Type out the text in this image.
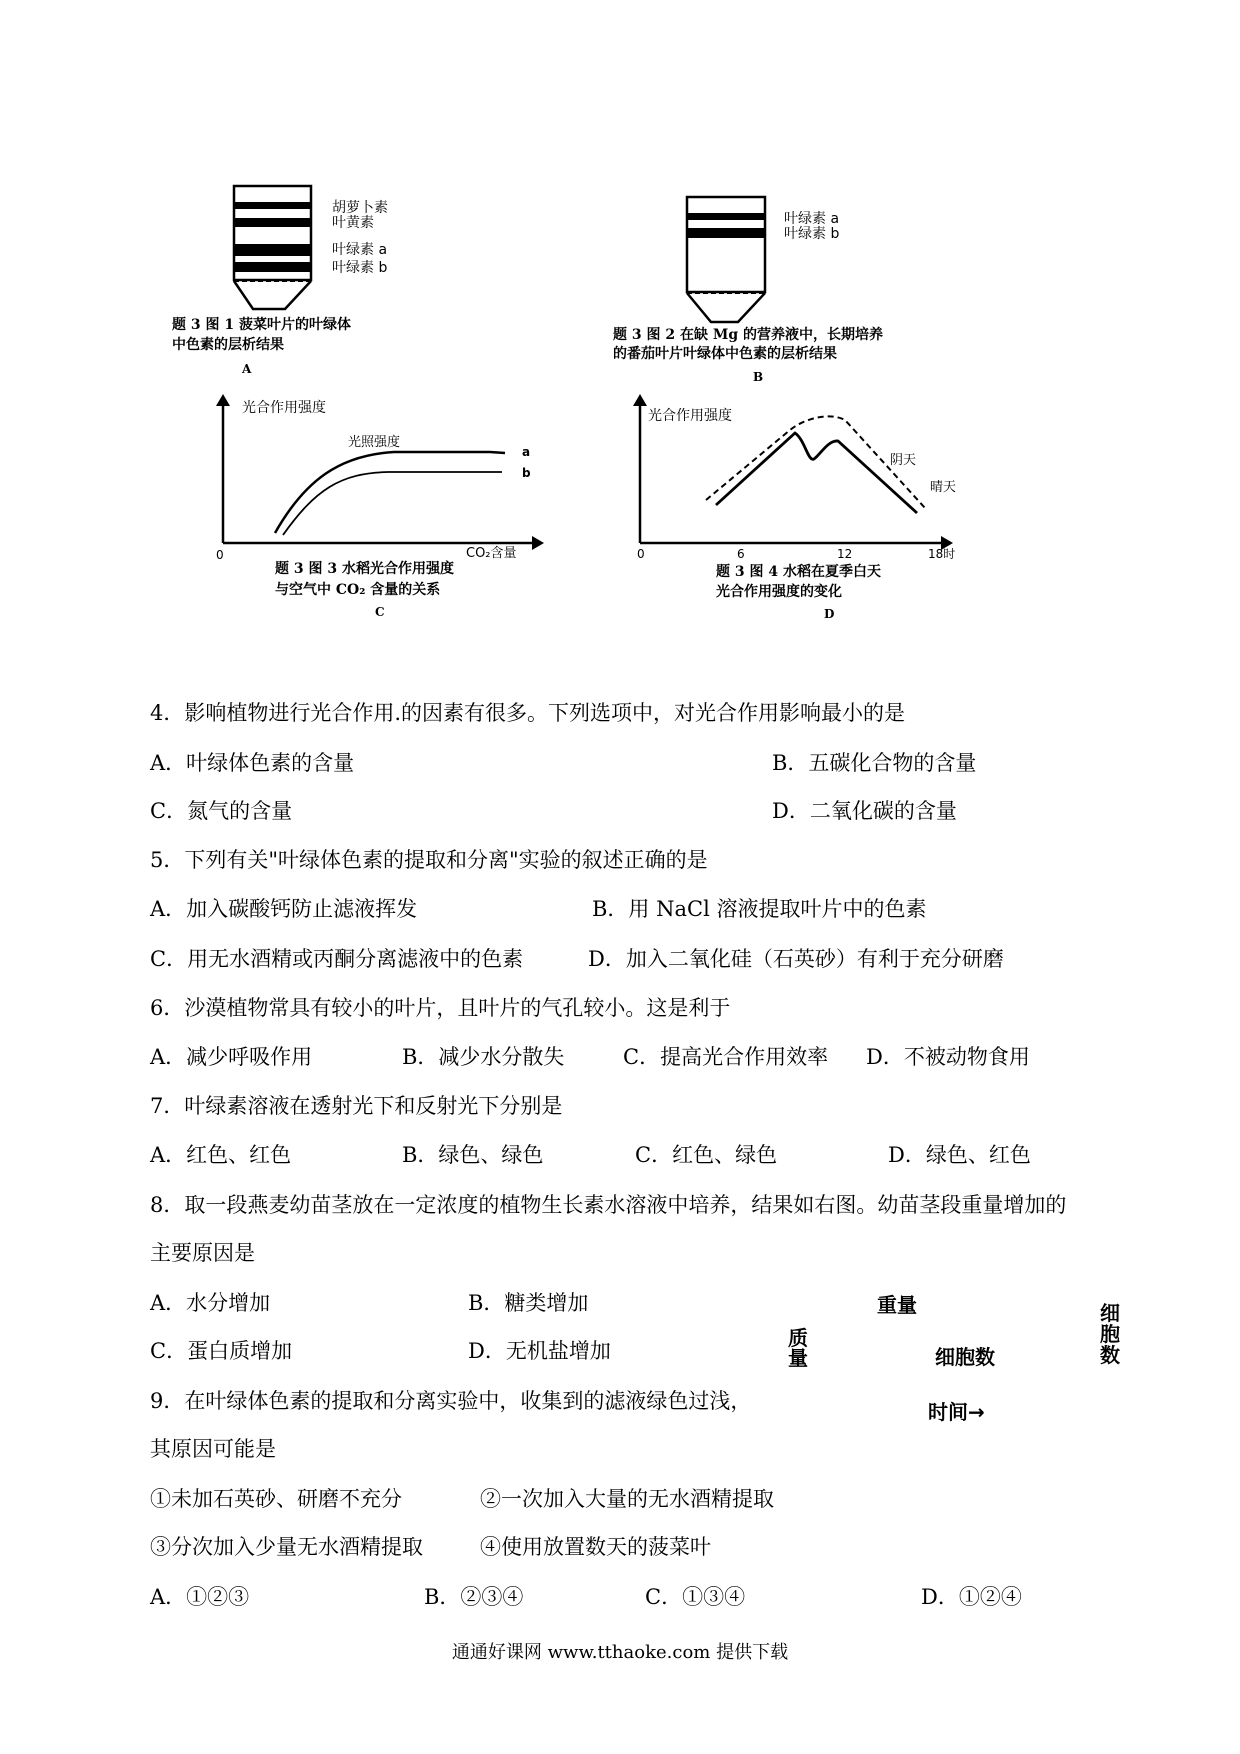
胡萝卜素
叶黄素
叶绿素 a
叶绿素 b
题 3 图 1 菠菜叶片的叶绿体
中色素的层析结果
A
叶绿素 a
叶绿素 b
题 3 图 2 在缺 Mg 的营养液中，长期培养
的番茄叶片叶绿体中色素的层析结果
B
光合作用强度
光照强度
a
b
0	CO₂含量
题 3 图 3 水稻光合作用强度
与空气中 CO₂ 含量的关系
C
光合作用强度
阴天
晴天
0	6	12	18时
题 3 图 4 水稻在夏季白天
光合作用强度的变化
D
质量
细胞数
重量
细胞数
时间→
4．影响植物进行光合作用.的因素有很多。下列选项中，对光合作用影响最小的是
A．叶绿体色素的含量	B．五碳化合物的含量
C．氮气的含量	D．二氧化碳的含量
5．下列有关"叶绿体色素的提取和分离"实验的叙述正确的是
A．加入碳酸钙防止滤液挥发	B．用 NaCl 溶液提取叶片中的色素
C．用无水酒精或丙酮分离滤液中的色素	D．加入二氧化硅（石英砂）有利于充分研磨
6．沙漠植物常具有较小的叶片，且叶片的气孔较小。这是利于
A．减少呼吸作用	B．减少水分散失	C．提高光合作用效率 D．不被动物食用
7．叶绿素溶液在透射光下和反射光下分别是
A．红色、红色	B．绿色、绿色	C．红色、绿色	D．绿色、红色
8．取一段燕麦幼苗茎放在一定浓度的植物生长素水溶液中培养，结果如右图。幼苗茎段重量增加的
主要原因是
A．水分增加	B．糖类增加
C．蛋白质增加	D．无机盐增加
9．在叶绿体色素的提取和分离实验中，收集到的滤液绿色过浅，
其原因可能是
①未加石英砂、研磨不充分	②一次加入大量的无水酒精提取
③分次加入少量无水酒精提取	④使用放置数天的菠菜叶
A．①②③	B．②③④	C．①③④	D．①②④
通通好课网 www.tthaoke.com 提供下载
